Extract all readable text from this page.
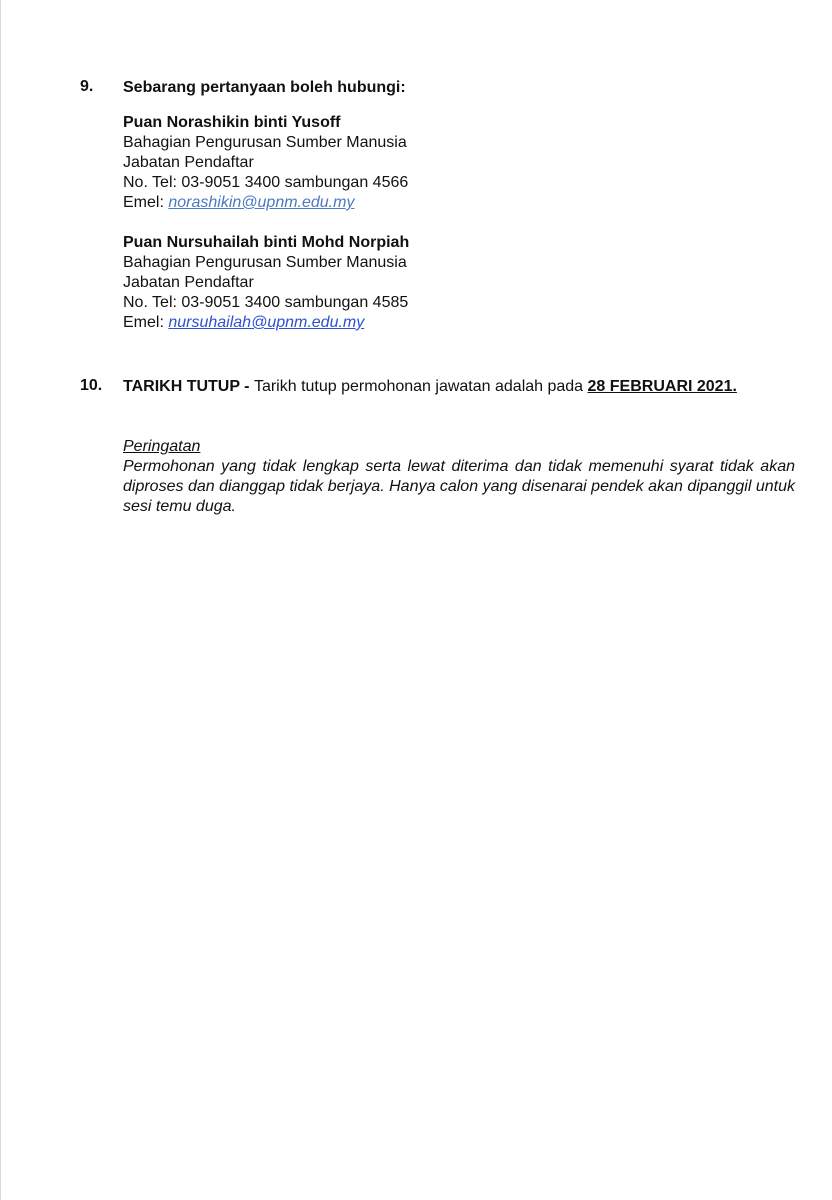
9. Sebarang pertanyaan boleh hubungi:
Puan Norashikin binti Yusoff
Bahagian Pengurusan Sumber Manusia
Jabatan Pendaftar
No. Tel: 03-9051 3400 sambungan 4566
Emel: norashikin@upnm.edu.my
Puan Nursuhailah binti Mohd Norpiah
Bahagian Pengurusan Sumber Manusia
Jabatan Pendaftar
No. Tel: 03-9051 3400 sambungan 4585
Emel: nursuhailah@upnm.edu.my
10. TARIKH TUTUP - Tarikh tutup permohonan jawatan adalah pada 28 FEBRUARI 2021.
Peringatan
Permohonan yang tidak lengkap serta lewat diterima dan tidak memenuhi syarat tidak akan diproses dan dianggap tidak berjaya. Hanya calon yang disenarai pendek akan dipanggil untuk sesi temu duga.
